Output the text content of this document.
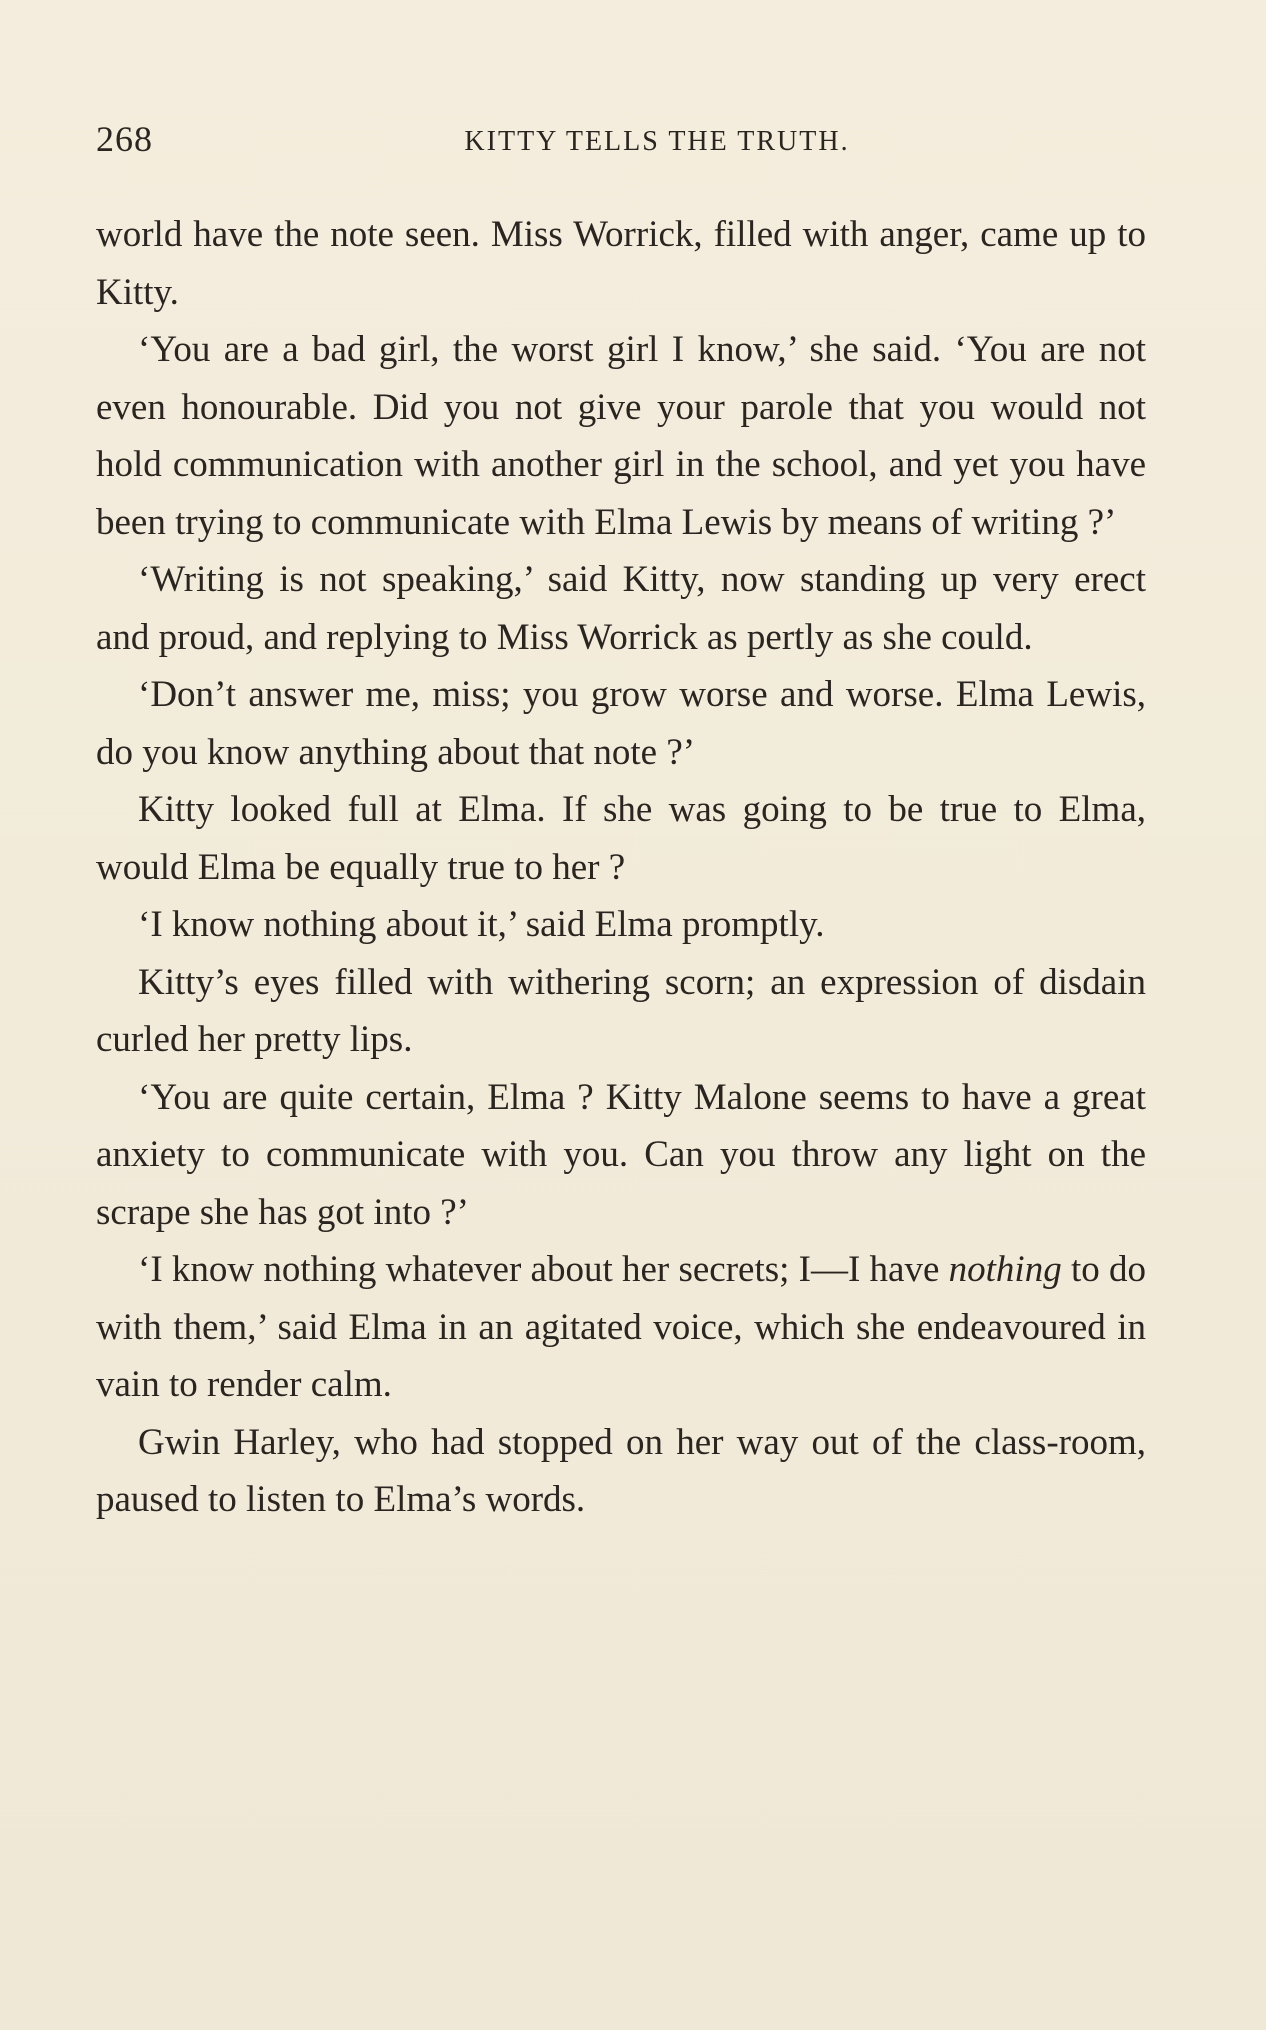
268	KITTY TELLS THE TRUTH.

world have the note seen. Miss Worrick, filled with anger, came up to Kitty.

‘You are a bad girl, the worst girl I know,’ she said. ‘You are not even honourable. Did you not give your parole that you would not hold communication with another girl in the school, and yet you have been trying to communicate with Elma Lewis by means of writing ?’

‘Writing is not speaking,’ said Kitty, now standing up very erect and proud, and replying to Miss Worrick as pertly as she could.

‘Don’t answer me, miss; you grow worse and worse. Elma Lewis, do you know anything about that note ?’

Kitty looked full at Elma. If she was going to be true to Elma, would Elma be equally true to her ?

‘I know nothing about it,’ said Elma promptly.

Kitty’s eyes filled with withering scorn; an expression of disdain curled her pretty lips.

‘You are quite certain, Elma ? Kitty Malone seems to have a great anxiety to communicate with you. Can you throw any light on the scrape she has got into ?’

‘I know nothing whatever about her secrets; I—I have nothing to do with them,’ said Elma in an agitated voice, which she endeavoured in vain to render calm.

Gwin Harley, who had stopped on her way out of the class-room, paused to listen to Elma’s words.
